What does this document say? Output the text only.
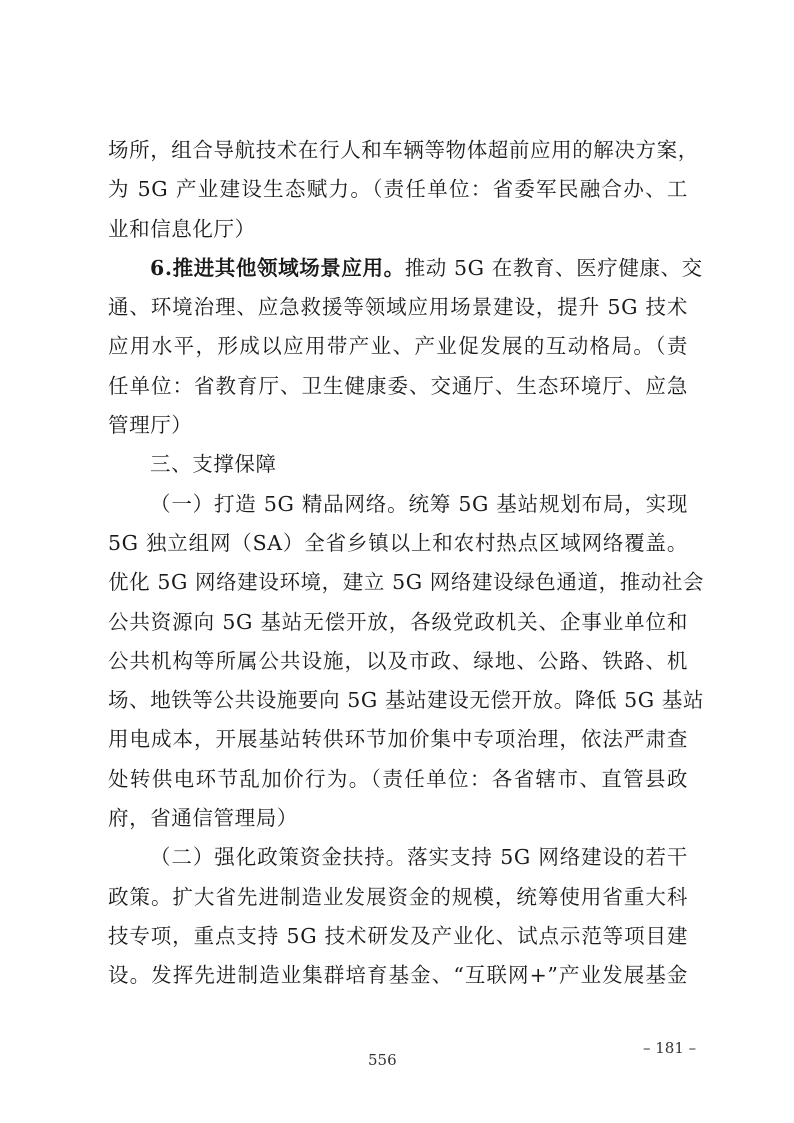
场所，组合导航技术在行人和车辆等物体超前应用的解决方案，
为 5G 产业建设生态赋力。（责任单位：省委军民融合办、工
业和信息化厅）
6.推进其他领域场景应用。推动 5G 在教育、医疗健康、交
通、环境治理、应急救援等领域应用场景建设，提升 5G 技术
应用水平，形成以应用带产业、产业促发展的互动格局。（责
任单位：省教育厅、卫生健康委、交通厅、生态环境厅、应急
管理厅）
三、支撑保障
（一）打造 5G 精品网络。统筹 5G 基站规划布局，实现
5G 独立组网（SA）全省乡镇以上和农村热点区域网络覆盖。
优化 5G 网络建设环境，建立 5G 网络建设绿色通道，推动社会
公共资源向 5G 基站无偿开放，各级党政机关、企事业单位和
公共机构等所属公共设施，以及市政、绿地、公路、铁路、机
场、地铁等公共设施要向 5G 基站建设无偿开放。降低 5G 基站
用电成本，开展基站转供环节加价集中专项治理，依法严肃查
处转供电环节乱加价行为。（责任单位：各省辖市、直管县政
府，省通信管理局）
（二）强化政策资金扶持。落实支持 5G 网络建设的若干
政策。扩大省先进制造业发展资金的规模，统筹使用省重大科
技专项，重点支持 5G 技术研发及产业化、试点示范等项目建
设。发挥先进制造业集群培育基金、“互联网+”产业发展基金
556
– 181 –
